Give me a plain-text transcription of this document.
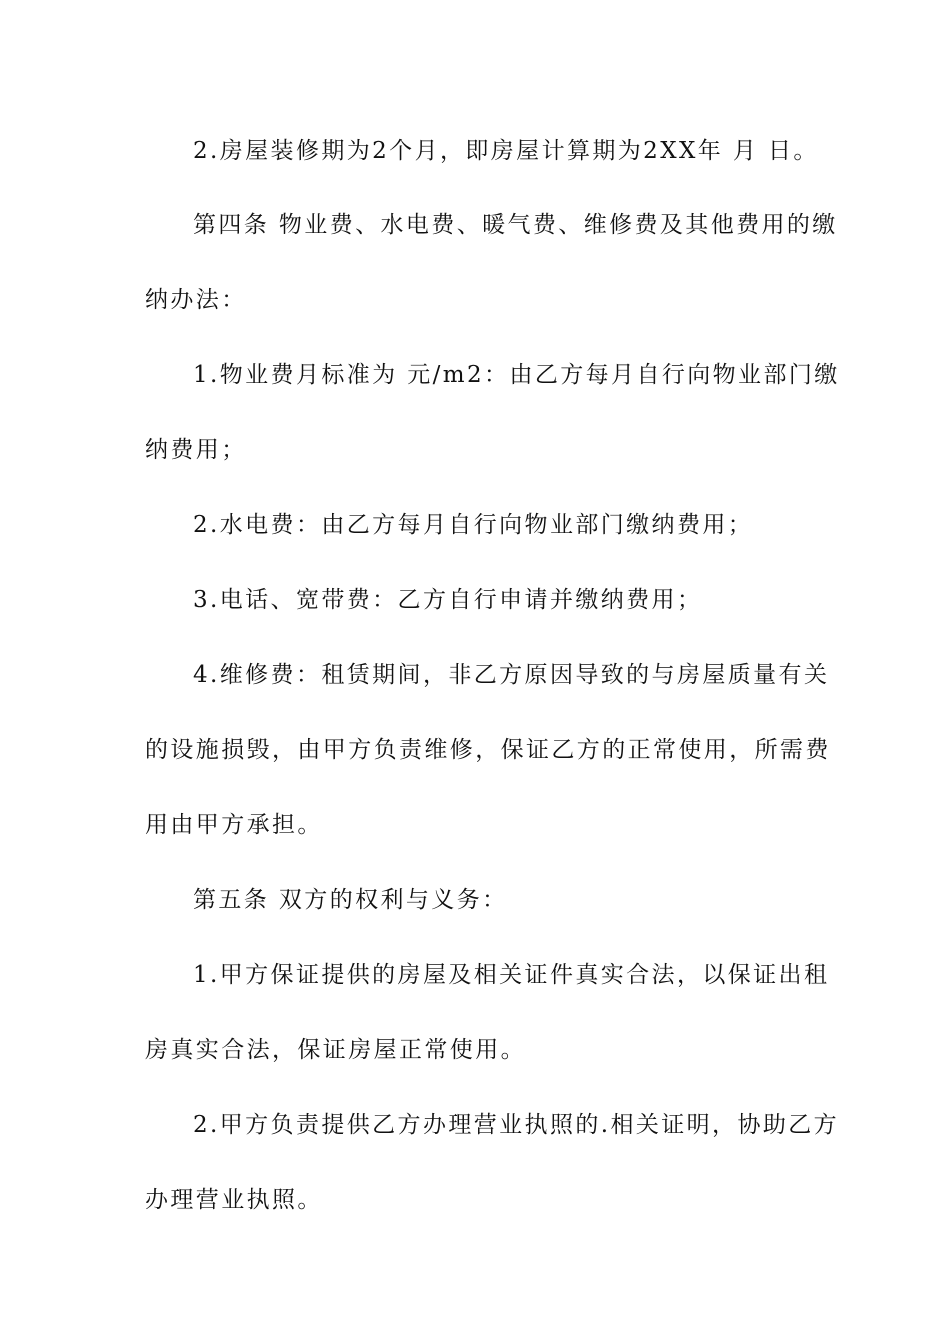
2.房屋装修期为2个月，即房屋计算期为2XX年 月 日。
第四条 物业费、水电费、暖气费、维修费及其他费用的缴
纳办法：
1.物业费月标准为 元/m2：由乙方每月自行向物业部门缴
纳费用；
2.水电费：由乙方每月自行向物业部门缴纳费用；
3.电话、宽带费：乙方自行申请并缴纳费用；
4.维修费：租赁期间，非乙方原因导致的与房屋质量有关
的设施损毁，由甲方负责维修，保证乙方的正常使用，所需费
用由甲方承担。
第五条 双方的权利与义务：
1.甲方保证提供的房屋及相关证件真实合法，以保证出租
房真实合法，保证房屋正常使用。
2.甲方负责提供乙方办理营业执照的.相关证明，协助乙方
办理营业执照。
